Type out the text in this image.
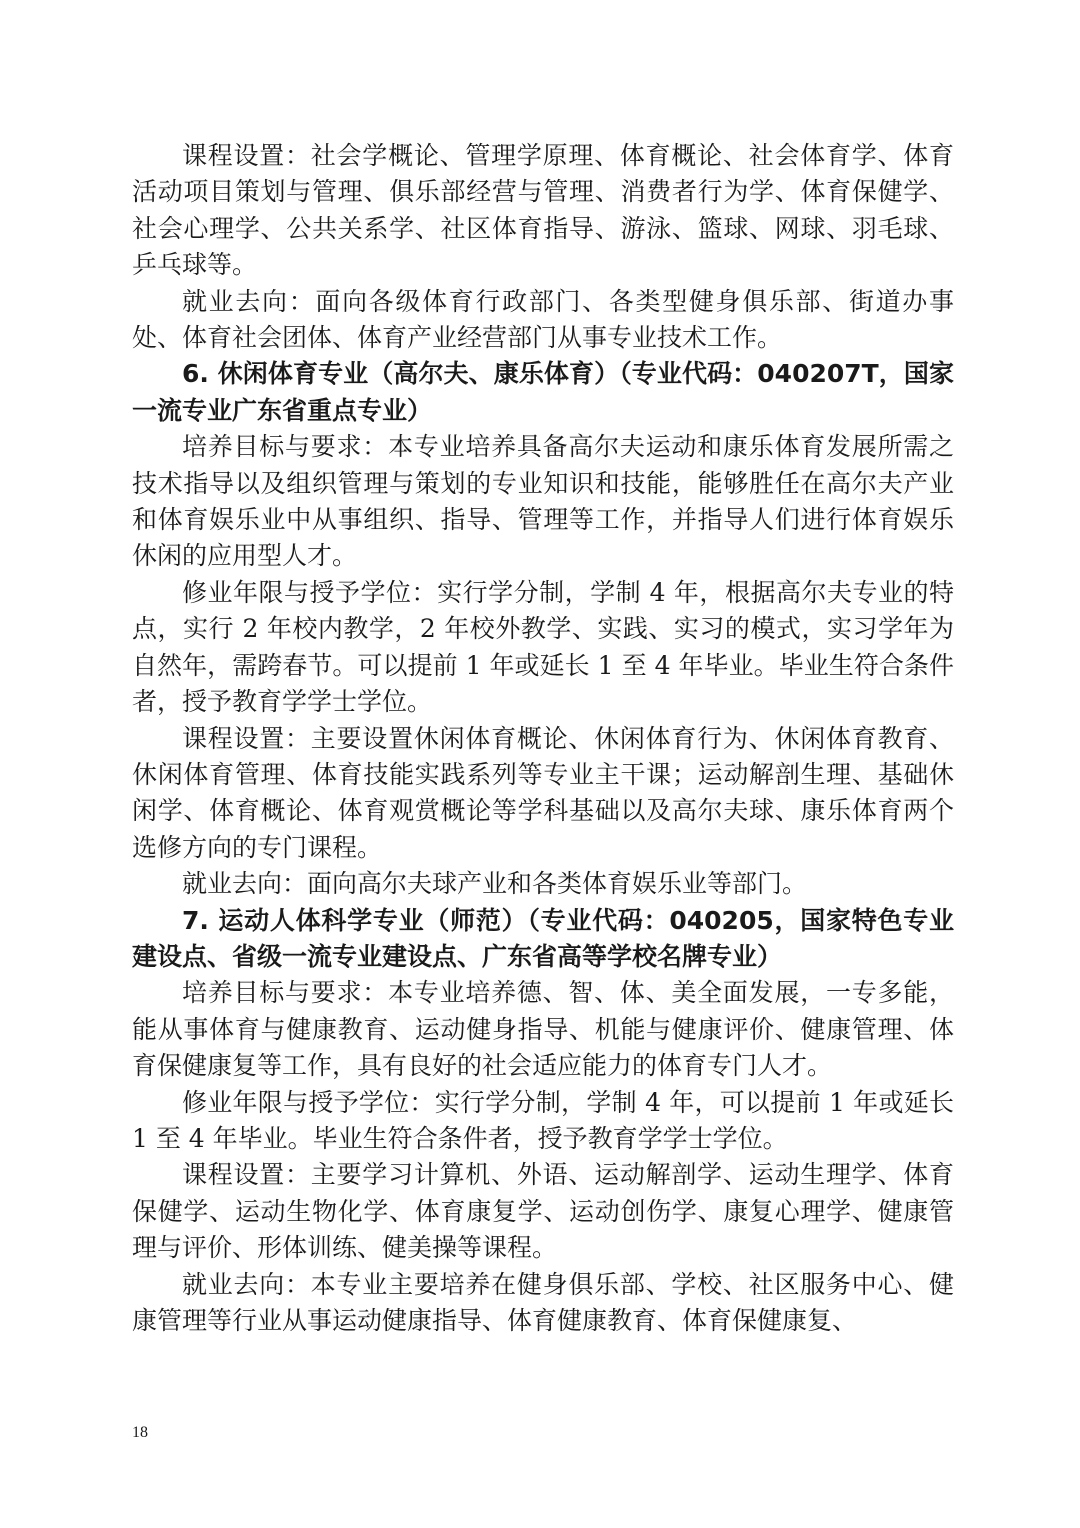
课程设置：社会学概论、管理学原理、体育概论、社会体育学、体育活动项目策划与管理、俱乐部经营与管理、消费者行为学、体育保健学、社会心理学、公共关系学、社区体育指导、游泳、篮球、网球、羽毛球、乒乓球等。

就业去向：面向各级体育行政部门、各类型健身俱乐部、街道办事处、体育社会团体、体育产业经营部门从事专业技术工作。

6. 休闲体育专业（高尔夫、康乐体育）（专业代码：040207T，国家一流专业广东省重点专业）

培养目标与要求：本专业培养具备高尔夫运动和康乐体育发展所需之技术指导以及组织管理与策划的专业知识和技能，能够胜任在高尔夫产业和体育娱乐业中从事组织、指导、管理等工作，并指导人们进行体育娱乐休闲的应用型人才。

修业年限与授予学位：实行学分制，学制 4 年，根据高尔夫专业的特点，实行 2 年校内教学，2 年校外教学、实践、实习的模式，实习学年为自然年，需跨春节。可以提前 1 年或延长 1 至 4 年毕业。毕业生符合条件者，授予教育学学士学位。

课程设置：主要设置休闲体育概论、休闲体育行为、休闲体育教育、休闲体育管理、体育技能实践系列等专业主干课；运动解剖生理、基础休闲学、体育概论、体育观赏概论等学科基础以及高尔夫球、康乐体育两个选修方向的专门课程。

就业去向：面向高尔夫球产业和各类体育娱乐业等部门。

7. 运动人体科学专业（师范）（专业代码：040205，国家特色专业建设点、省级一流专业建设点、广东省高等学校名牌专业）

培养目标与要求：本专业培养德、智、体、美全面发展，一专多能，能从事体育与健康教育、运动健身指导、机能与健康评价、健康管理、体育保健康复等工作，具有良好的社会适应能力的体育专门人才。

修业年限与授予学位：实行学分制，学制 4 年，可以提前 1 年或延长 1 至 4 年毕业。毕业生符合条件者，授予教育学学士学位。

课程设置：主要学习计算机、外语、运动解剖学、运动生理学、体育保健学、运动生物化学、体育康复学、运动创伤学、康复心理学、健康管理与评价、形体训练、健美操等课程。

就业去向：本专业主要培养在健身俱乐部、学校、社区服务中心、健康管理等行业从事运动健康指导、体育健康教育、体育保健康复、

18
